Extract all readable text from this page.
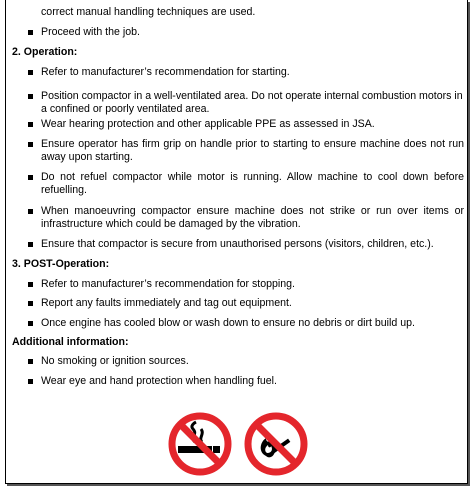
correct manual handling techniques are used.
Proceed with the job.
2. Operation:
Refer to manufacturer’s recommendation for starting.
Position compactor in a well-ventilated area. Do not operate internal combustion motors in a confined or poorly ventilated area.
Wear hearing protection and other applicable PPE as assessed in JSA.
Ensure operator has firm grip on handle prior to starting to ensure machine does not run away upon starting.
Do not refuel compactor while motor is running. Allow machine to cool down before refuelling.
When manoeuvring compactor ensure machine does not strike or run over items or infrastructure which could be damaged by the vibration.
Ensure that compactor is secure from unauthorised persons (visitors, children, etc.).
3. POST-Operation:
Refer to manufacturer’s recommendation for stopping.
Report any faults immediately and tag out equipment.
Once engine has cooled blow or wash down to ensure no debris or dirt build up.
Additional information:
No smoking or ignition sources.
Wear eye and hand protection when handling fuel.
